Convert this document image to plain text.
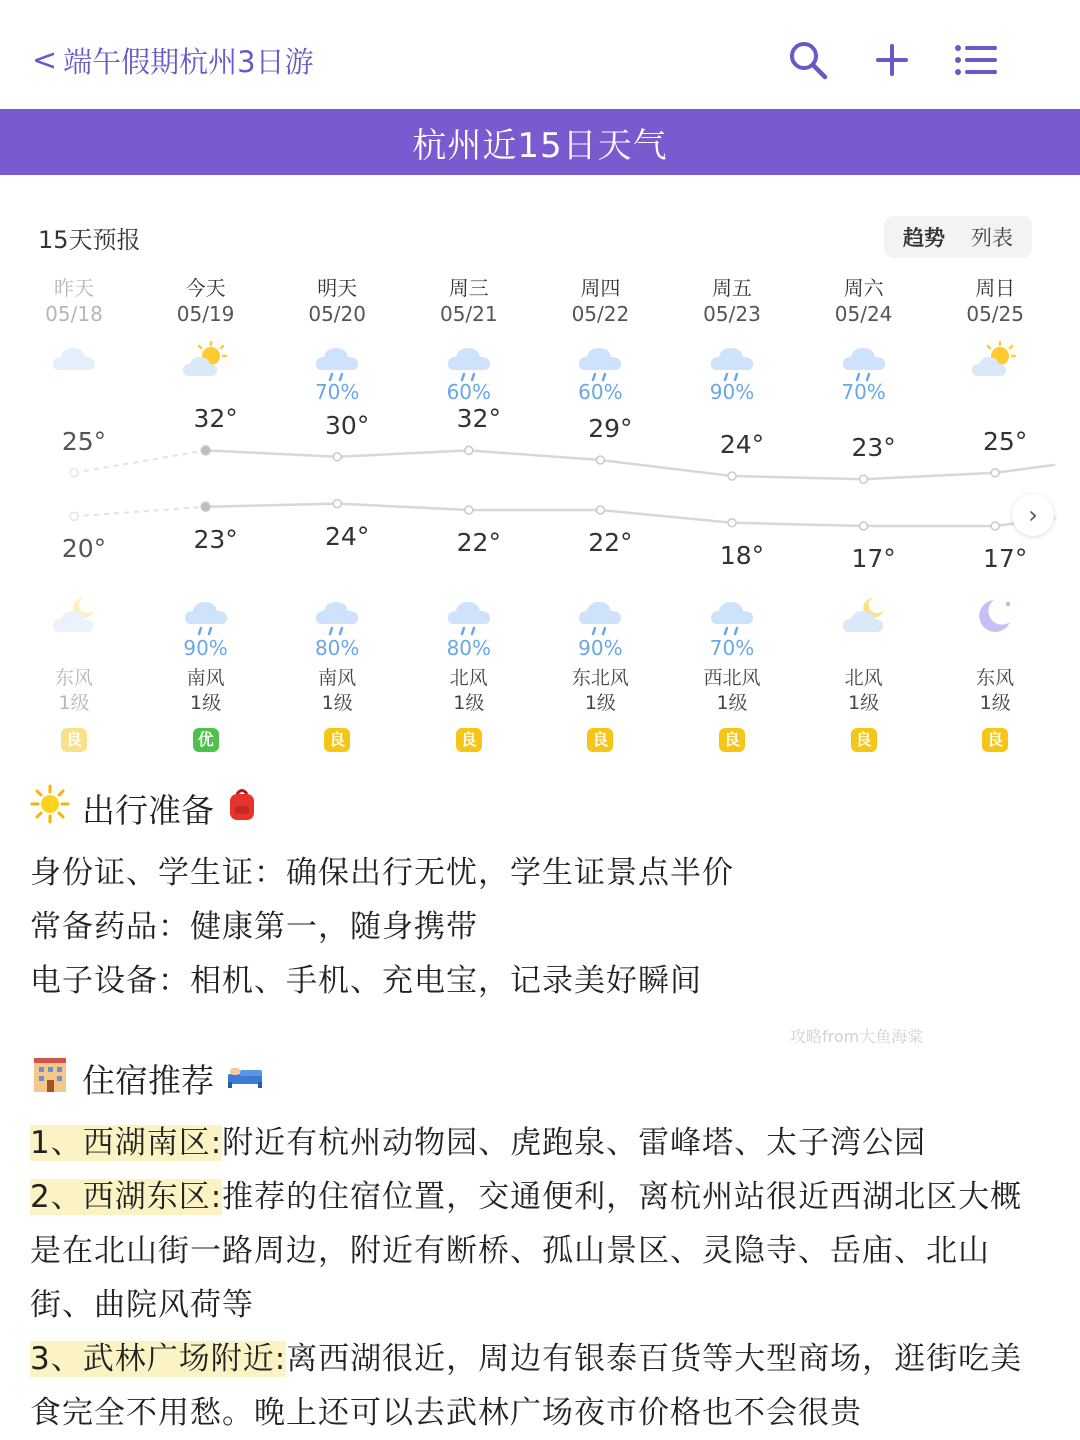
< 端午假期杭州3日游
杭州近15日天气
15天预报	趋势 列表
›
昨天
05/18
东风
1级
良
今天
05/19
90%
南风
1级
优
明天
05/20
70%
80%
南风
1级
良
周三
05/21
60%
80%
北风
1级
良
周四
05/22
60%
90%
东北风
1级
良
周五
05/23
90%
70%
西北风
1级
良
周六
05/24
70%
北风
1级
良
周日
05/25
东风
1级
良
25°
20°
32°
23°
30°
24°
32°
22°
29°
22°
24°
18°
23°
17°
25°
17°
出行准备
身份证、学生证：确保出行无忧，学生证景点半价
常备药品：健康第一，随身携带
电子设备：相机、手机、充电宝，记录美好瞬间
攻略from大鱼海棠
住宿推荐
1、西湖南区:附近有杭州动物园、虎跑泉、雷峰塔、太子湾公园
2、西湖东区:推荐的住宿位置，交通便利，离杭州站很近西湖北区大概
是在北山街一路周边，附近有断桥、孤山景区、灵隐寺、岳庙、北山
街、曲院风荷等
3、武林广场附近:离西湖很近，周边有银泰百货等大型商场，逛街吃美
食完全不用愁。晚上还可以去武林广场夜市价格也不会很贵
